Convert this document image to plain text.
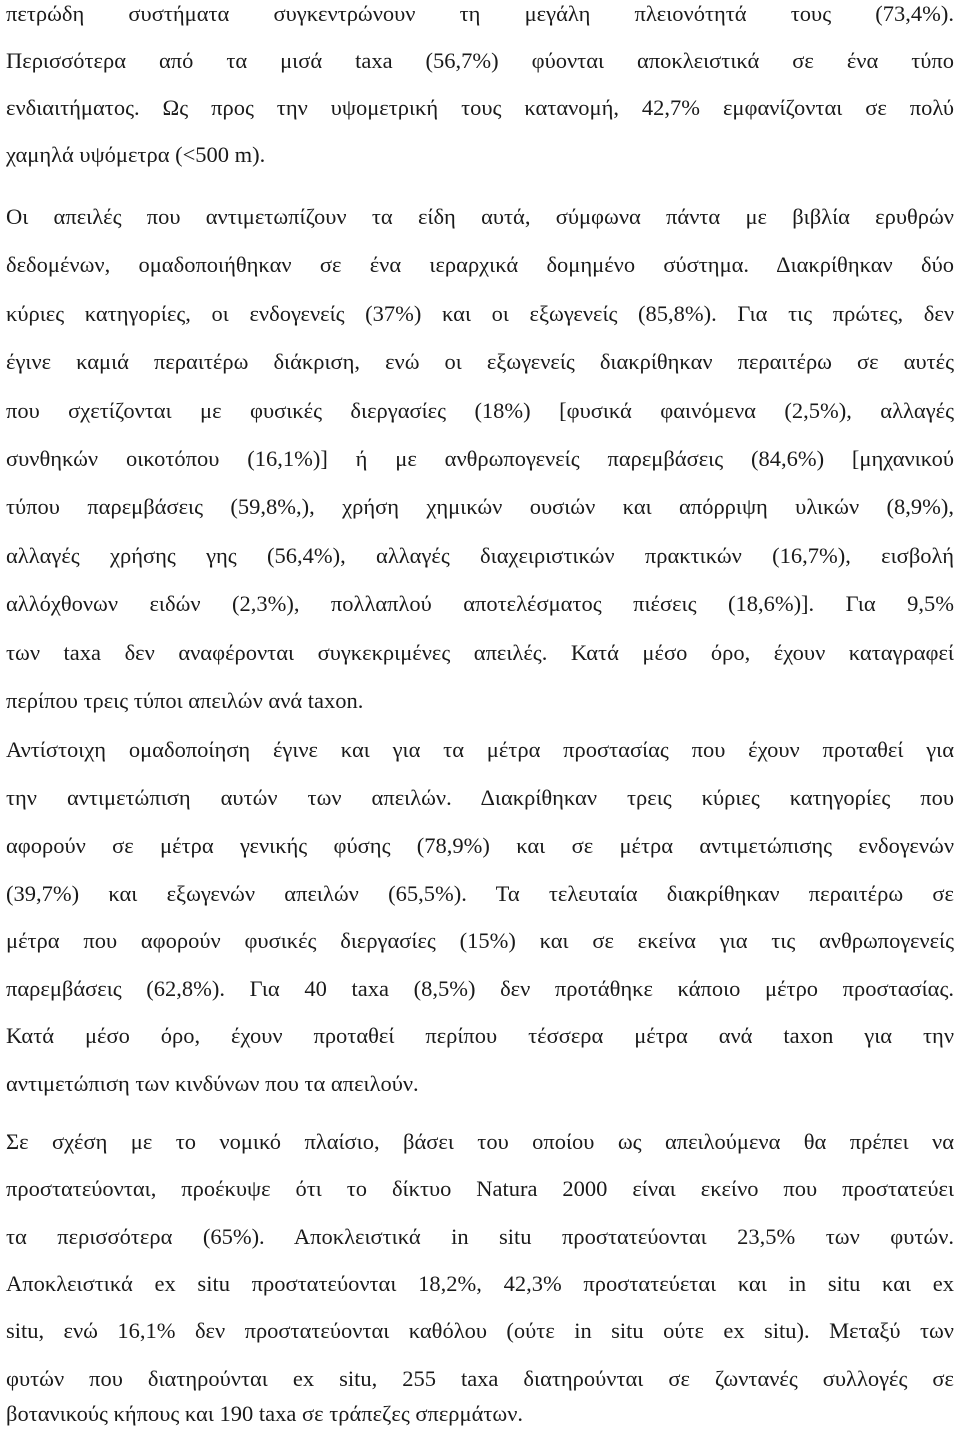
πετρώδη συστήματα συγκεντρώνουν τη μεγάλη πλειονότητά τους (73,4%).
Περισσότερα από τα μισά taxa (56,7%) φύονται αποκλειστικά σε ένα τύπο
ενδιαιτήματος. Ως προς την υψομετρική τους κατανομή, 42,7% εμφανίζονται σε πολύ
χαμηλά υψόμετρα (<500 m).
Οι απειλές που αντιμετωπίζουν τα είδη αυτά, σύμφωνα πάντα με βιβλία ερυθρών
δεδομένων, ομαδοποιήθηκαν σε ένα ιεραρχικά δομημένο σύστημα. Διακρίθηκαν δύο
κύριες κατηγορίες, οι ενδογενείς (37%) και οι εξωγενείς (85,8%). Για τις πρώτες, δεν
έγινε καμιά περαιτέρω διάκριση, ενώ οι εξωγενείς διακρίθηκαν περαιτέρω σε αυτές
που σχετίζονται με φυσικές διεργασίες (18%) [φυσικά φαινόμενα (2,5%), αλλαγές
συνθηκών οικοτόπου (16,1%)] ή με ανθρωπογενείς παρεμβάσεις (84,6%) [μηχανικού
τύπου παρεμβάσεις (59,8%,), χρήση χημικών ουσιών και απόρριψη υλικών (8,9%),
αλλαγές χρήσης γης (56,4%), αλλαγές διαχειριστικών πρακτικών (16,7%), εισβολή
αλλόχθονων ειδών (2,3%), πολλαπλού αποτελέσματος πιέσεις (18,6%)]. Για 9,5%
των taxa δεν αναφέρονται συγκεκριμένες απειλές. Κατά μέσο όρο, έχουν καταγραφεί
περίπου τρεις τύποι απειλών ανά taxon.
Αντίστοιχη ομαδοποίηση έγινε και για τα μέτρα προστασίας που έχουν προταθεί για
την αντιμετώπιση αυτών των απειλών. Διακρίθηκαν τρεις κύριες κατηγορίες που
αφορούν σε μέτρα γενικής φύσης (78,9%) και σε μέτρα αντιμετώπισης ενδογενών
(39,7%) και εξωγενών απειλών (65,5%). Τα τελευταία διακρίθηκαν περαιτέρω σε
μέτρα που αφορούν φυσικές διεργασίες (15%) και σε εκείνα για τις ανθρωπογενείς
παρεμβάσεις (62,8%). Για 40 taxa (8,5%) δεν προτάθηκε κάποιο μέτρο προστασίας.
Κατά μέσο όρο, έχουν προταθεί περίπου τέσσερα μέτρα ανά taxon για την
αντιμετώπιση των κινδύνων που τα απειλούν.
Σε σχέση με το νομικό πλαίσιο, βάσει του οποίου ως απειλούμενα θα πρέπει να
προστατεύονται, προέκυψε ότι το δίκτυο Natura 2000 είναι εκείνο που προστατεύει
τα περισσότερα (65%). Αποκλειστικά in situ προστατεύονται 23,5% των φυτών.
Αποκλειστικά ex situ προστατεύονται 18,2%, 42,3% προστατεύεται και in situ και ex
situ, ενώ 16,1% δεν προστατεύονται καθόλου (ούτε in situ ούτε ex situ). Μεταξύ των
φυτών που διατηρούνται ex situ, 255 taxa διατηρούνται σε ζωντανές συλλογές σε
βοτανικούς κήπους και 190 taxa σε τράπεζες σπερμάτων.
